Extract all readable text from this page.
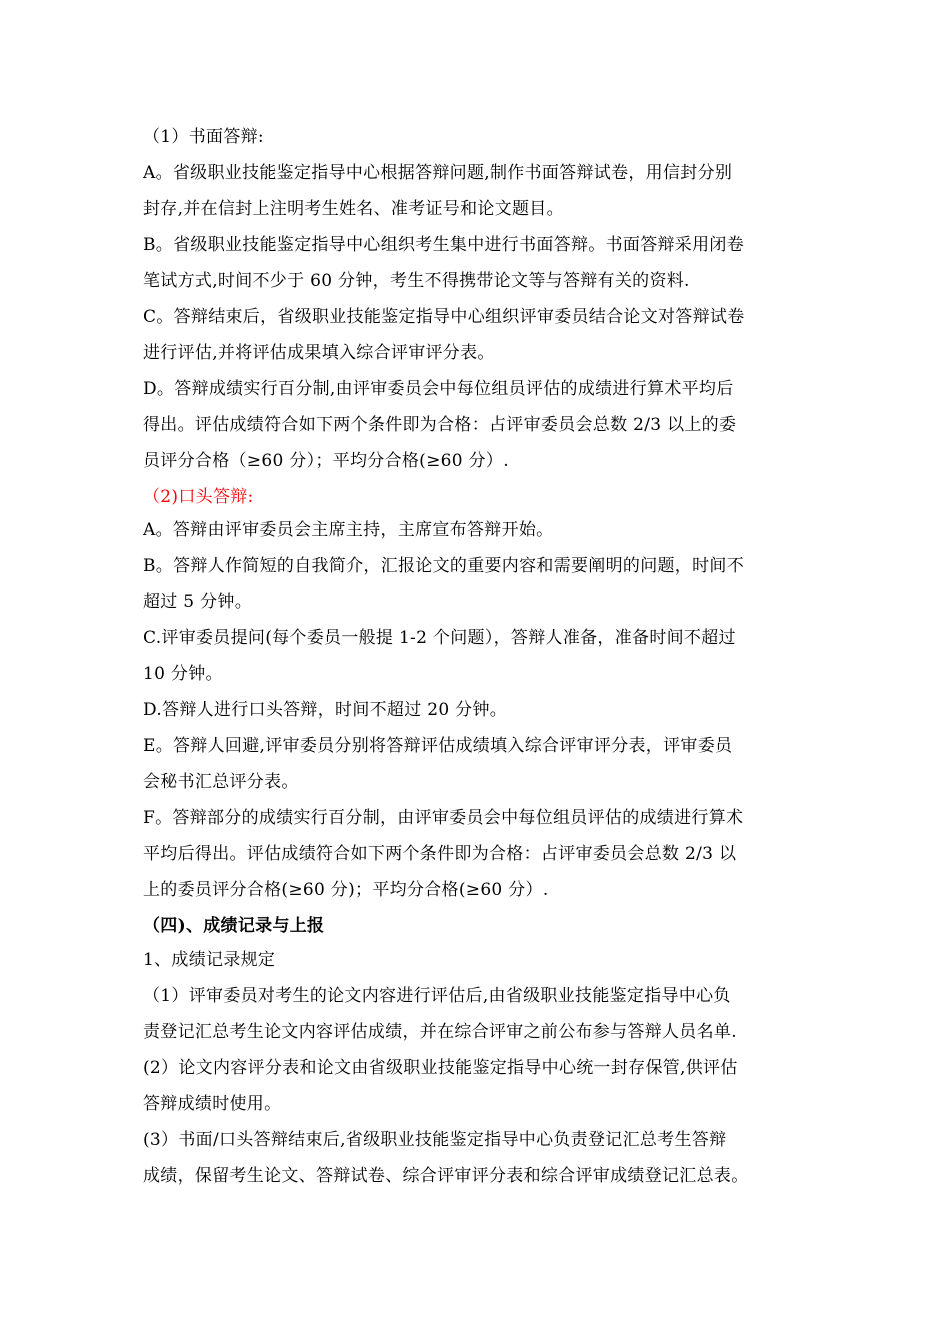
（1）书面答辩:
A。省级职业技能鉴定指导中心根据答辩问题,制作书面答辩试卷，用信封分别
封存,并在信封上注明考生姓名、准考证号和论文题目。
B。省级职业技能鉴定指导中心组织考生集中进行书面答辩。书面答辩采用闭卷
笔试方式,时间不少于 60 分钟，考生不得携带论文等与答辩有关的资料.
C。答辩结束后，省级职业技能鉴定指导中心组织评审委员结合论文对答辩试卷
进行评估,并将评估成果填入综合评审评分表。
D。答辩成绩实行百分制,由评审委员会中每位组员评估的成绩进行算术平均后
得出。评估成绩符合如下两个条件即为合格：占评审委员会总数 2/3 以上的委
员评分合格（≥60 分）；平均分合格(≥60 分）.
（2)口头答辩:
A。答辩由评审委员会主席主持，主席宣布答辩开始。
B。答辩人作简短的自我简介，汇报论文的重要内容和需要阐明的问题，时间不
超过 5 分钟。
C.评审委员提问(每个委员一般提 1-2 个问题），答辩人准备，准备时间不超过
10 分钟。
D.答辩人进行口头答辩，时间不超过 20 分钟。
E。答辩人回避,评审委员分别将答辩评估成绩填入综合评审评分表，评审委员
会秘书汇总评分表。
F。答辩部分的成绩实行百分制，由评审委员会中每位组员评估的成绩进行算术
平均后得出。评估成绩符合如下两个条件即为合格：占评审委员会总数 2/3 以
上的委员评分合格(≥60 分)；平均分合格(≥60 分）.
（四)、成绩记录与上报
1、成绩记录规定
（1）评审委员对考生的论文内容进行评估后,由省级职业技能鉴定指导中心负
责登记汇总考生论文内容评估成绩，并在综合评审之前公布参与答辩人员名单.
(2）论文内容评分表和论文由省级职业技能鉴定指导中心统一封存保管,供评估
答辩成绩时使用。
(3）书面/口头答辩结束后,省级职业技能鉴定指导中心负责登记汇总考生答辩
成绩，保留考生论文、答辩试卷、综合评审评分表和综合评审成绩登记汇总表。
